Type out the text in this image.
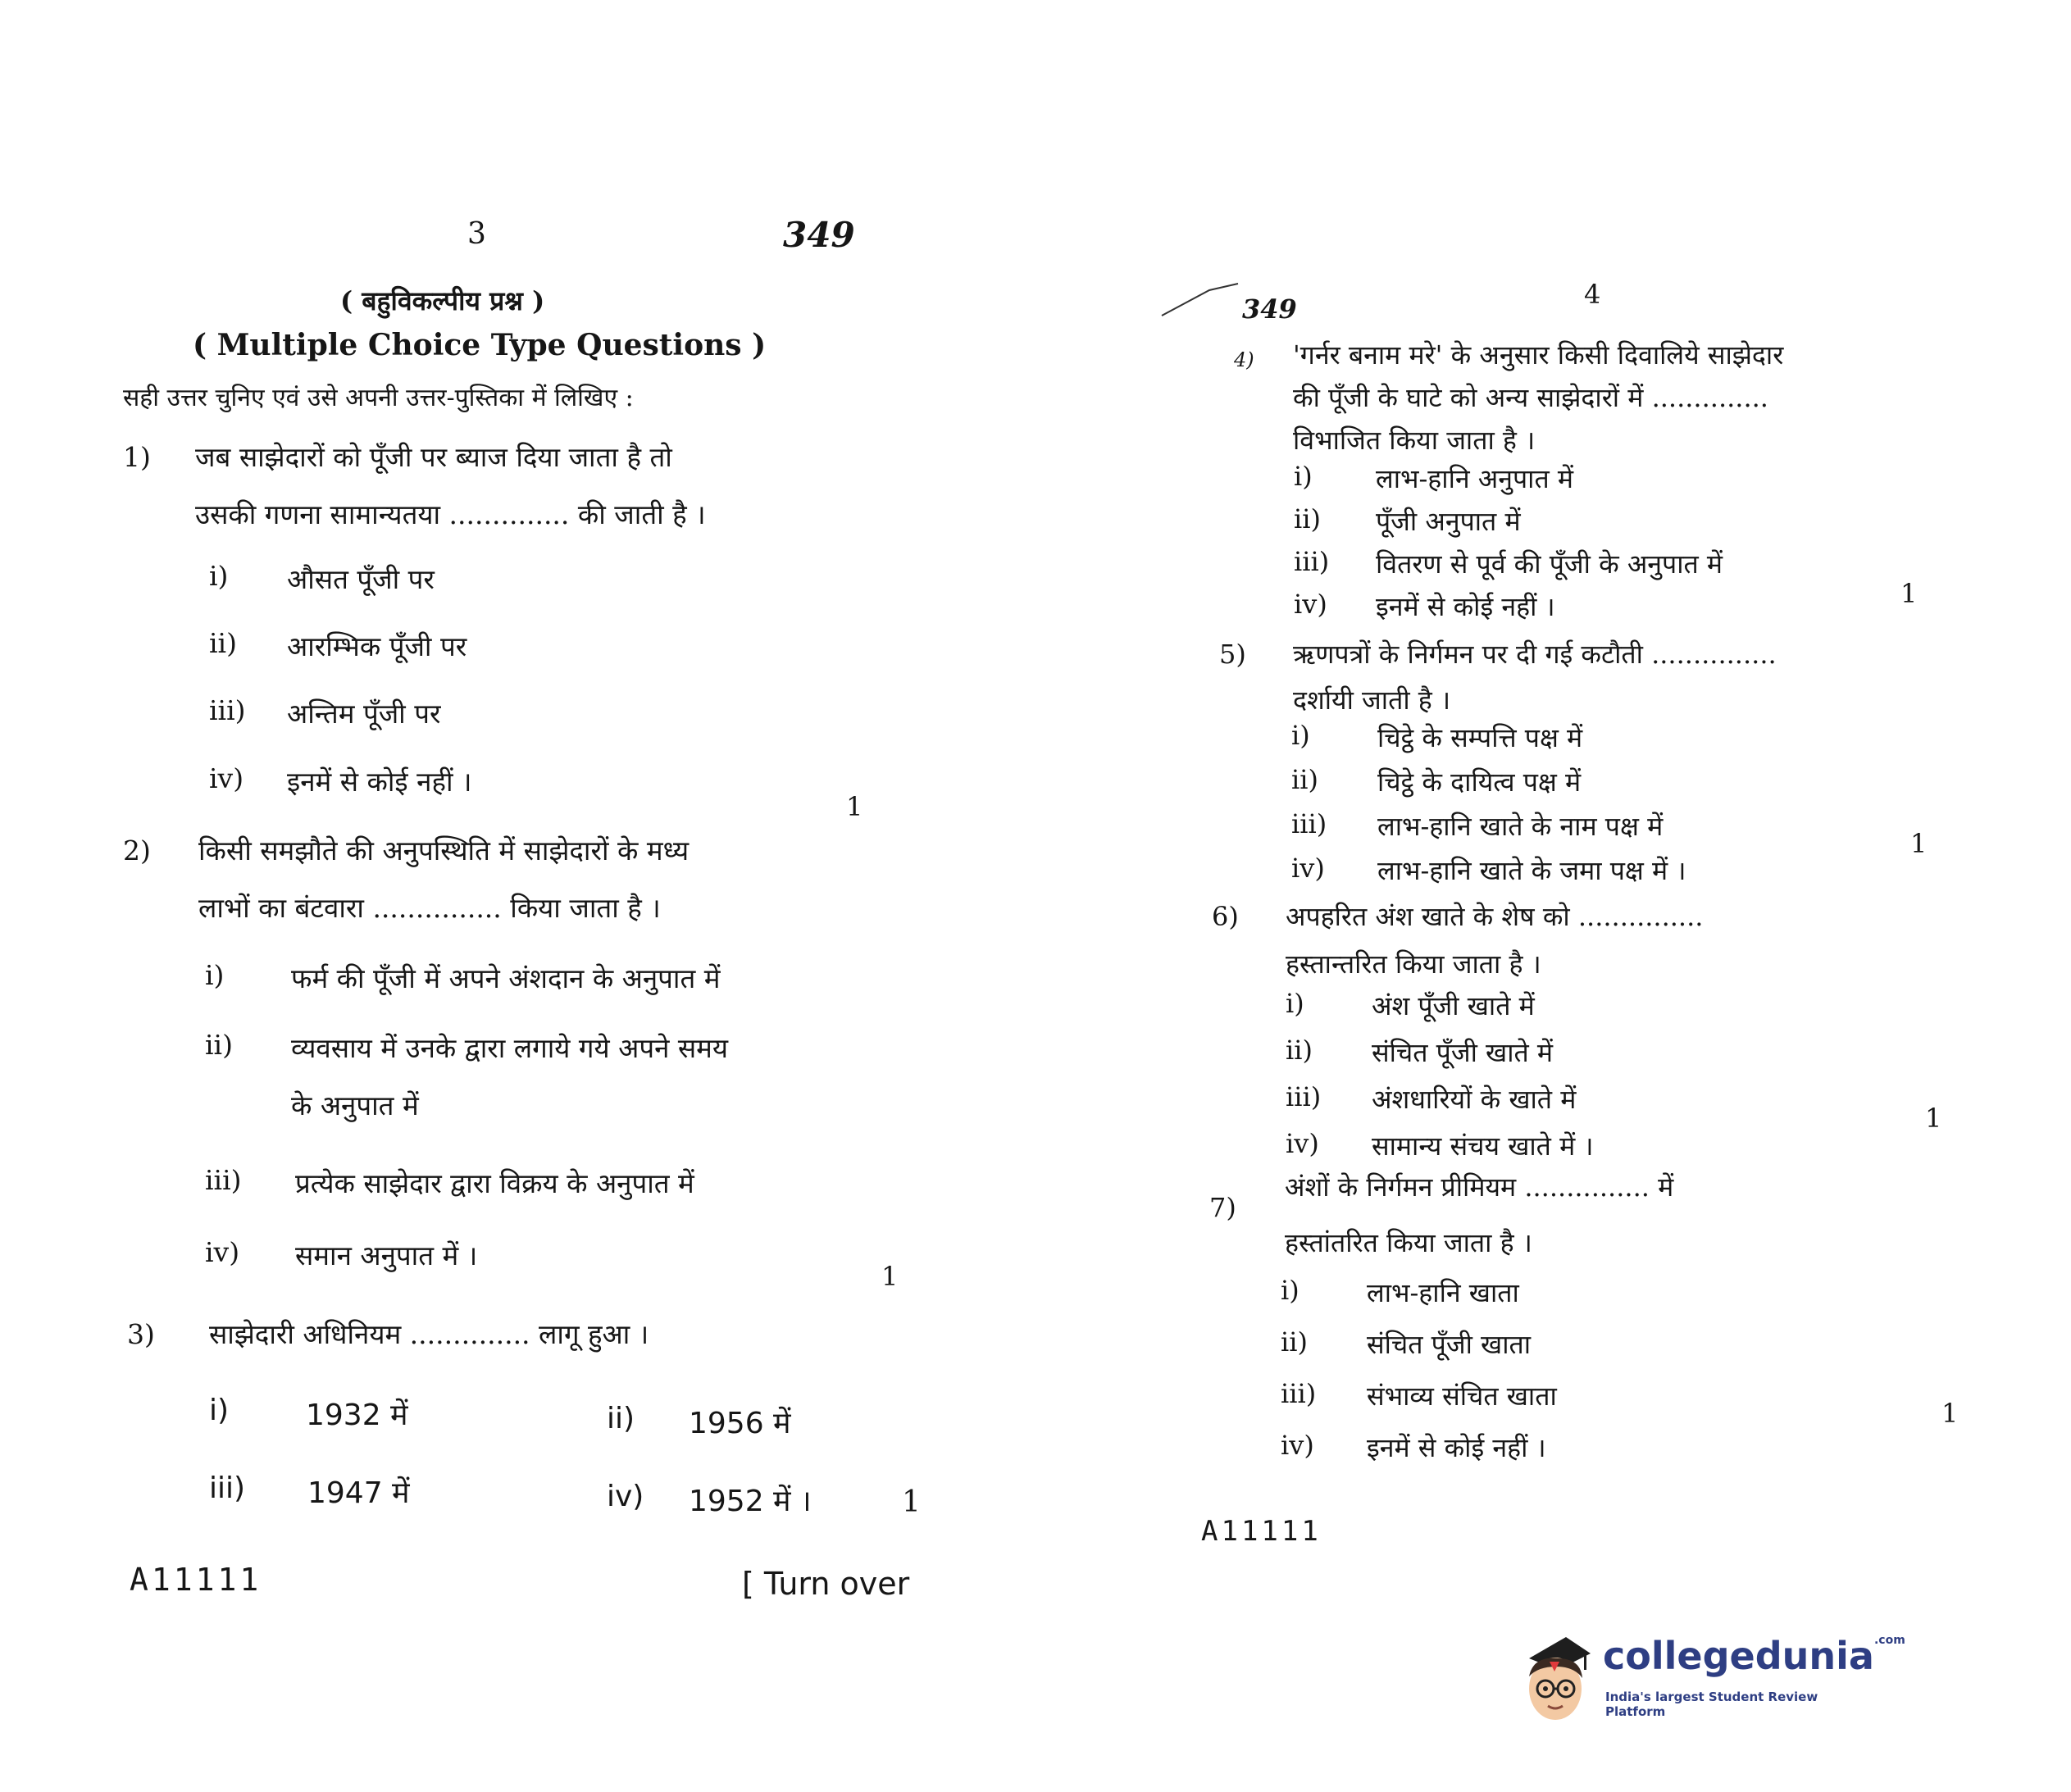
3	349
( बहुविकल्पीय प्रश्न )
( Multiple Choice Type Questions )
सही उत्तर चुनिए एवं उसे अपनी उत्तर-पुस्तिका में लिखिए :
1) जब साझेदारों को पूँजी पर ब्याज दिया जाता है तो
उसकी गणना सामान्यतया .............. की जाती है ।
i) औसत पूँजी पर
ii) आरम्भिक पूँजी पर
iii) अन्तिम पूँजी पर
iv) इनमें से कोई नहीं ।
1
2) किसी समझौते की अनुपस्थिति में साझेदारों के मध्य
लाभों का बंटवारा ............... किया जाता है ।
i) फर्म की पूँजी में अपने अंशदान के अनुपात में
ii) व्यवसाय में उनके द्वारा लगाये गये अपने समय
के अनुपात में
iii) प्रत्येक साझेदार द्वारा विक्रय के अनुपात में
iv) समान अनुपात में ।
1
3) साझेदारी अधिनियम .............. लागू हुआ ।
i)	1932 में	ii) 1956 में
iii) 1947 में	iv) 1952 में ।	1
A11111	[ Turn over
4
349
4) 'गर्नर बनाम मरे' के अनुसार किसी दिवालिये साझेदार
की पूँजी के घाटे को अन्य साझेदारों में ..............
विभाजित किया जाता है ।
i) लाभ-हानि अनुपात में
ii) पूँजी अनुपात में
iii) वितरण से पूर्व की पूँजी के अनुपात में
iv) इनमें से कोई नहीं ।	1
5) ऋणपत्रों के निर्गमन पर दी गई कटौती ...............
दर्शायी जाती है ।
i)	चिट्ठे के सम्पत्ति पक्ष में
ii) चिट्ठे के दायित्व पक्ष में
iii) लाभ-हानि खाते के नाम पक्ष में
iv) लाभ-हानि खाते के जमा पक्ष में ।
1
6) अपहरित अंश खाते के शेष को ...............
हस्तान्तरित किया जाता है ।
i)	अंश पूँजी खाते में
ii) संचित पूँजी खाते में
iii) अंशधारियों के खाते में
iv) सामान्य संचय खाते में ।
1
7)
अंशों के निर्गमन प्रीमियम ............... में
हस्तांतरित किया जाता है ।
i)	लाभ-हानि खाता
ii) संचित पूँजी खाता
iii) संभाव्य संचित खाता
iv) इनमें से कोई नहीं ।
1
A11111
collegedunia$^{.com}$
India's largest Student Review Platform
